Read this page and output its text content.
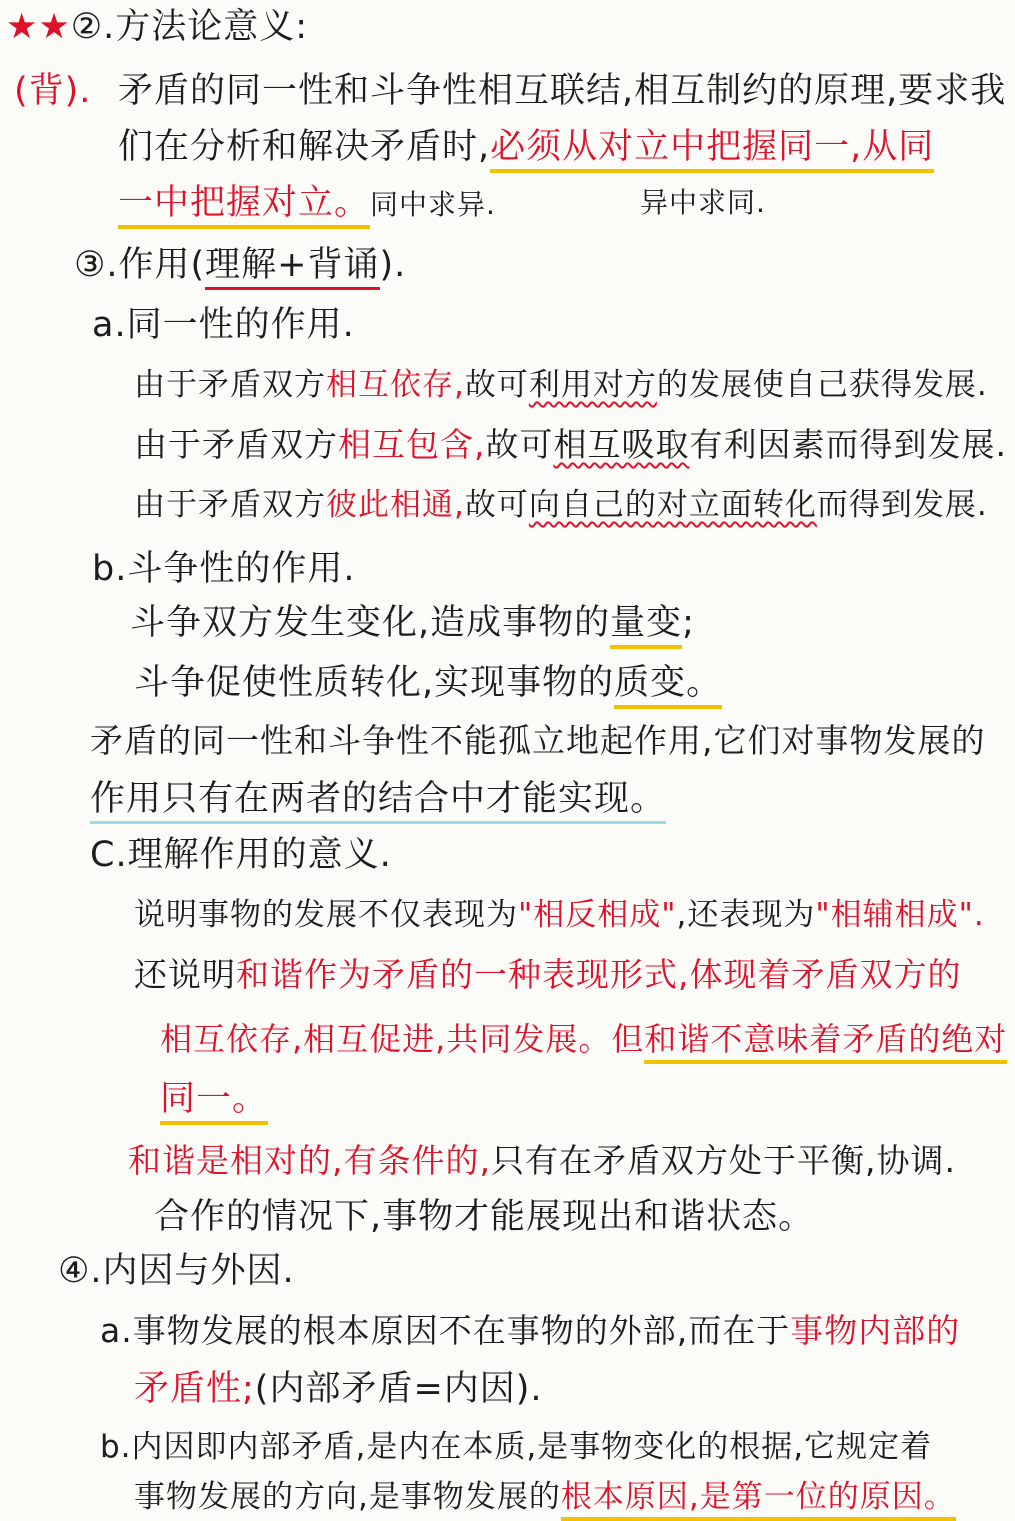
★★②.方法论意义:
(背). 矛盾的同一性和斗争性相互联结,相互制约的原理,要求我
们在分析和解决矛盾时,必须从对立中把握同一,从同
一中把握对立。同中求异.	异中求同.
③.作用(理解+背诵).
a.同一性的作用.
由于矛盾双方相互依存,故可利用对方的发展使自己获得发展.
由于矛盾双方相互包含,故可相互吸取有利因素而得到发展.
由于矛盾双方彼此相通,故可向自己的对立面转化而得到发展.
b.斗争性的作用.
斗争双方发生变化,造成事物的量变;
斗争促使性质转化,实现事物的质变。
矛盾的同一性和斗争性不能孤立地起作用,它们对事物发展的
作用只有在两者的结合中才能实现。
C.理解作用的意义.
说明事物的发展不仅表现为"相反相成",还表现为"相辅相成".
还说明和谐作为矛盾的一种表现形式,体现着矛盾双方的
相互依存,相互促进,共同发展。但和谐不意味着矛盾的绝对
同一。
和谐是相对的,有条件的,只有在矛盾双方处于平衡,协调.
合作的情况下,事物才能展现出和谐状态。
④.内因与外因.
a.事物发展的根本原因不在事物的外部,而在于事物内部的
矛盾性;(内部矛盾=内因).
b.内因即内部矛盾,是内在本质,是事物变化的根据,它规定着
事物发展的方向,是事物发展的根本原因,是第一位的原因。
